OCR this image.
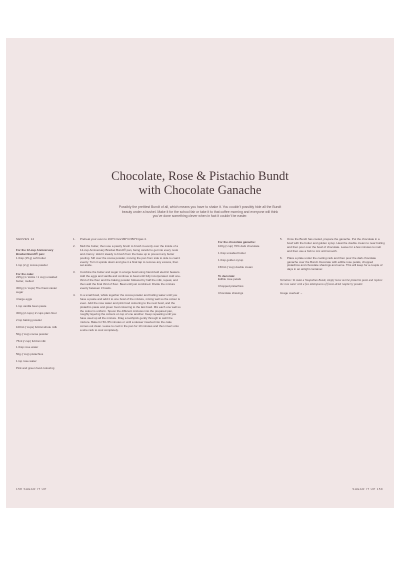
Chocolate, Rose & Pistachio Bundt
with Chocolate Ganache
Possibly the prettiest Bundt of all, which means you have to shake it. You couldn't possibly hide all the Bundt beauty under a bushel. Make it for the school fair or take it to that coffee morning and everyone will think you've done something clever when in fact it couldn't be easier.
SERVES 12
For the 12-cup Anniversary Bracket Bundt® pan:
1 tbsp (15 g) soft butter
1 tsp (2 g) cocoa powder
For the cake:
225g (1 ⁄ sticks / 1 cup) unsalted butter, melted
300g (1 ⁄ cups) The finest caster sugar
4 large eggs
1 tsp vanilla bean paste
300g (2 cups) 1⁄ cups plain flour
2 tsp baking powder
100ml (⁄ cups) full-fat whole milk
50g (⁄ cup) cocoa powder
75ml (⁄ cup) full-fat milk
1 tbsp rose water
50g (⁄ cup) pistachios
1 tsp rose water
Pink and green food colouring
1.	Preheat your oven to 160°C fan/180°C/350°F/gas 4.
2.	Melt the butter, then use a pastry brush to brush it evenly over the inside of a 12-cup Anniversary Bracket Bundt® pan, being careful to get into every nook and cranny. Hold it steady to brush from the base up to prevent any butter pooling. Sift over the cocoa powder, moving the pan from side to side to coat it evenly. Turn it upside down and give it a final tap to remove any excess, then set aside.
3.	Combine the butter and sugar in a large bowl using hand-held electric beaters. Add the eggs and vanilla and continue to beat until fully incorporated. Add one-third of the flour and the baking powder followed by half the milk, repeat, and then add the final third of flour. Beat until just combined. Divide the mixture evenly between 3 bowls.
4.	In a small bowl, whisk together the cocoa powder and boiling water until you have a paste and add it to one bowl of the mixture, mixing well so the colour is even. Add the rose water and pink food colouring to the next bowl, and the pistachio paste and green food colouring to the last bowl. Mix each one well so the colour is uniform. Spoon the different mixtures into the prepared pan, roughly layering the colours on top of one another. Keep repeating until you have used up all the mixture. Drag a toothpick gently through to swirl the mixture. Bake for 50–55 minutes or until a skewer inserted into the cake comes out clean. Leave to cool in the pan for 10 minutes and then invert onto a wire rack to cool completely.
For the chocolate ganache:
100g (⁄ cup) 70% dark chocolate
1 tbsp unsalted butter
1 tbsp golden syrup
150ml (⁄ cup) double cream
To decorate:
Edible rose petals
Chopped pistachios
Chocolate shavings
5.	Once the Bundt has cooled, prepare the ganache. Put the chocolate in a bowl with the butter and golden syrup. Heat the double cream to near boiling and then pour over the bowl of chocolate. Leave for a few minutes to melt and then use a fork to mix until smooth.
6.	Place a plate under the cooling rack and then pour the dark chocolate ganache over the Bundt. Decorate with edible rose petals, chopped pistachios and chocolate shavings and serve. This will keep for a couple of days in an airtight container.
Variation: To make a Neapolitan Bundt, simply leave out the pistachio paste and replace the rose water with a few tablespoons of freeze-dried raspberry powder.
Image overleaf →
158 SHEAR IT UP	SHEAR IT UP 159
